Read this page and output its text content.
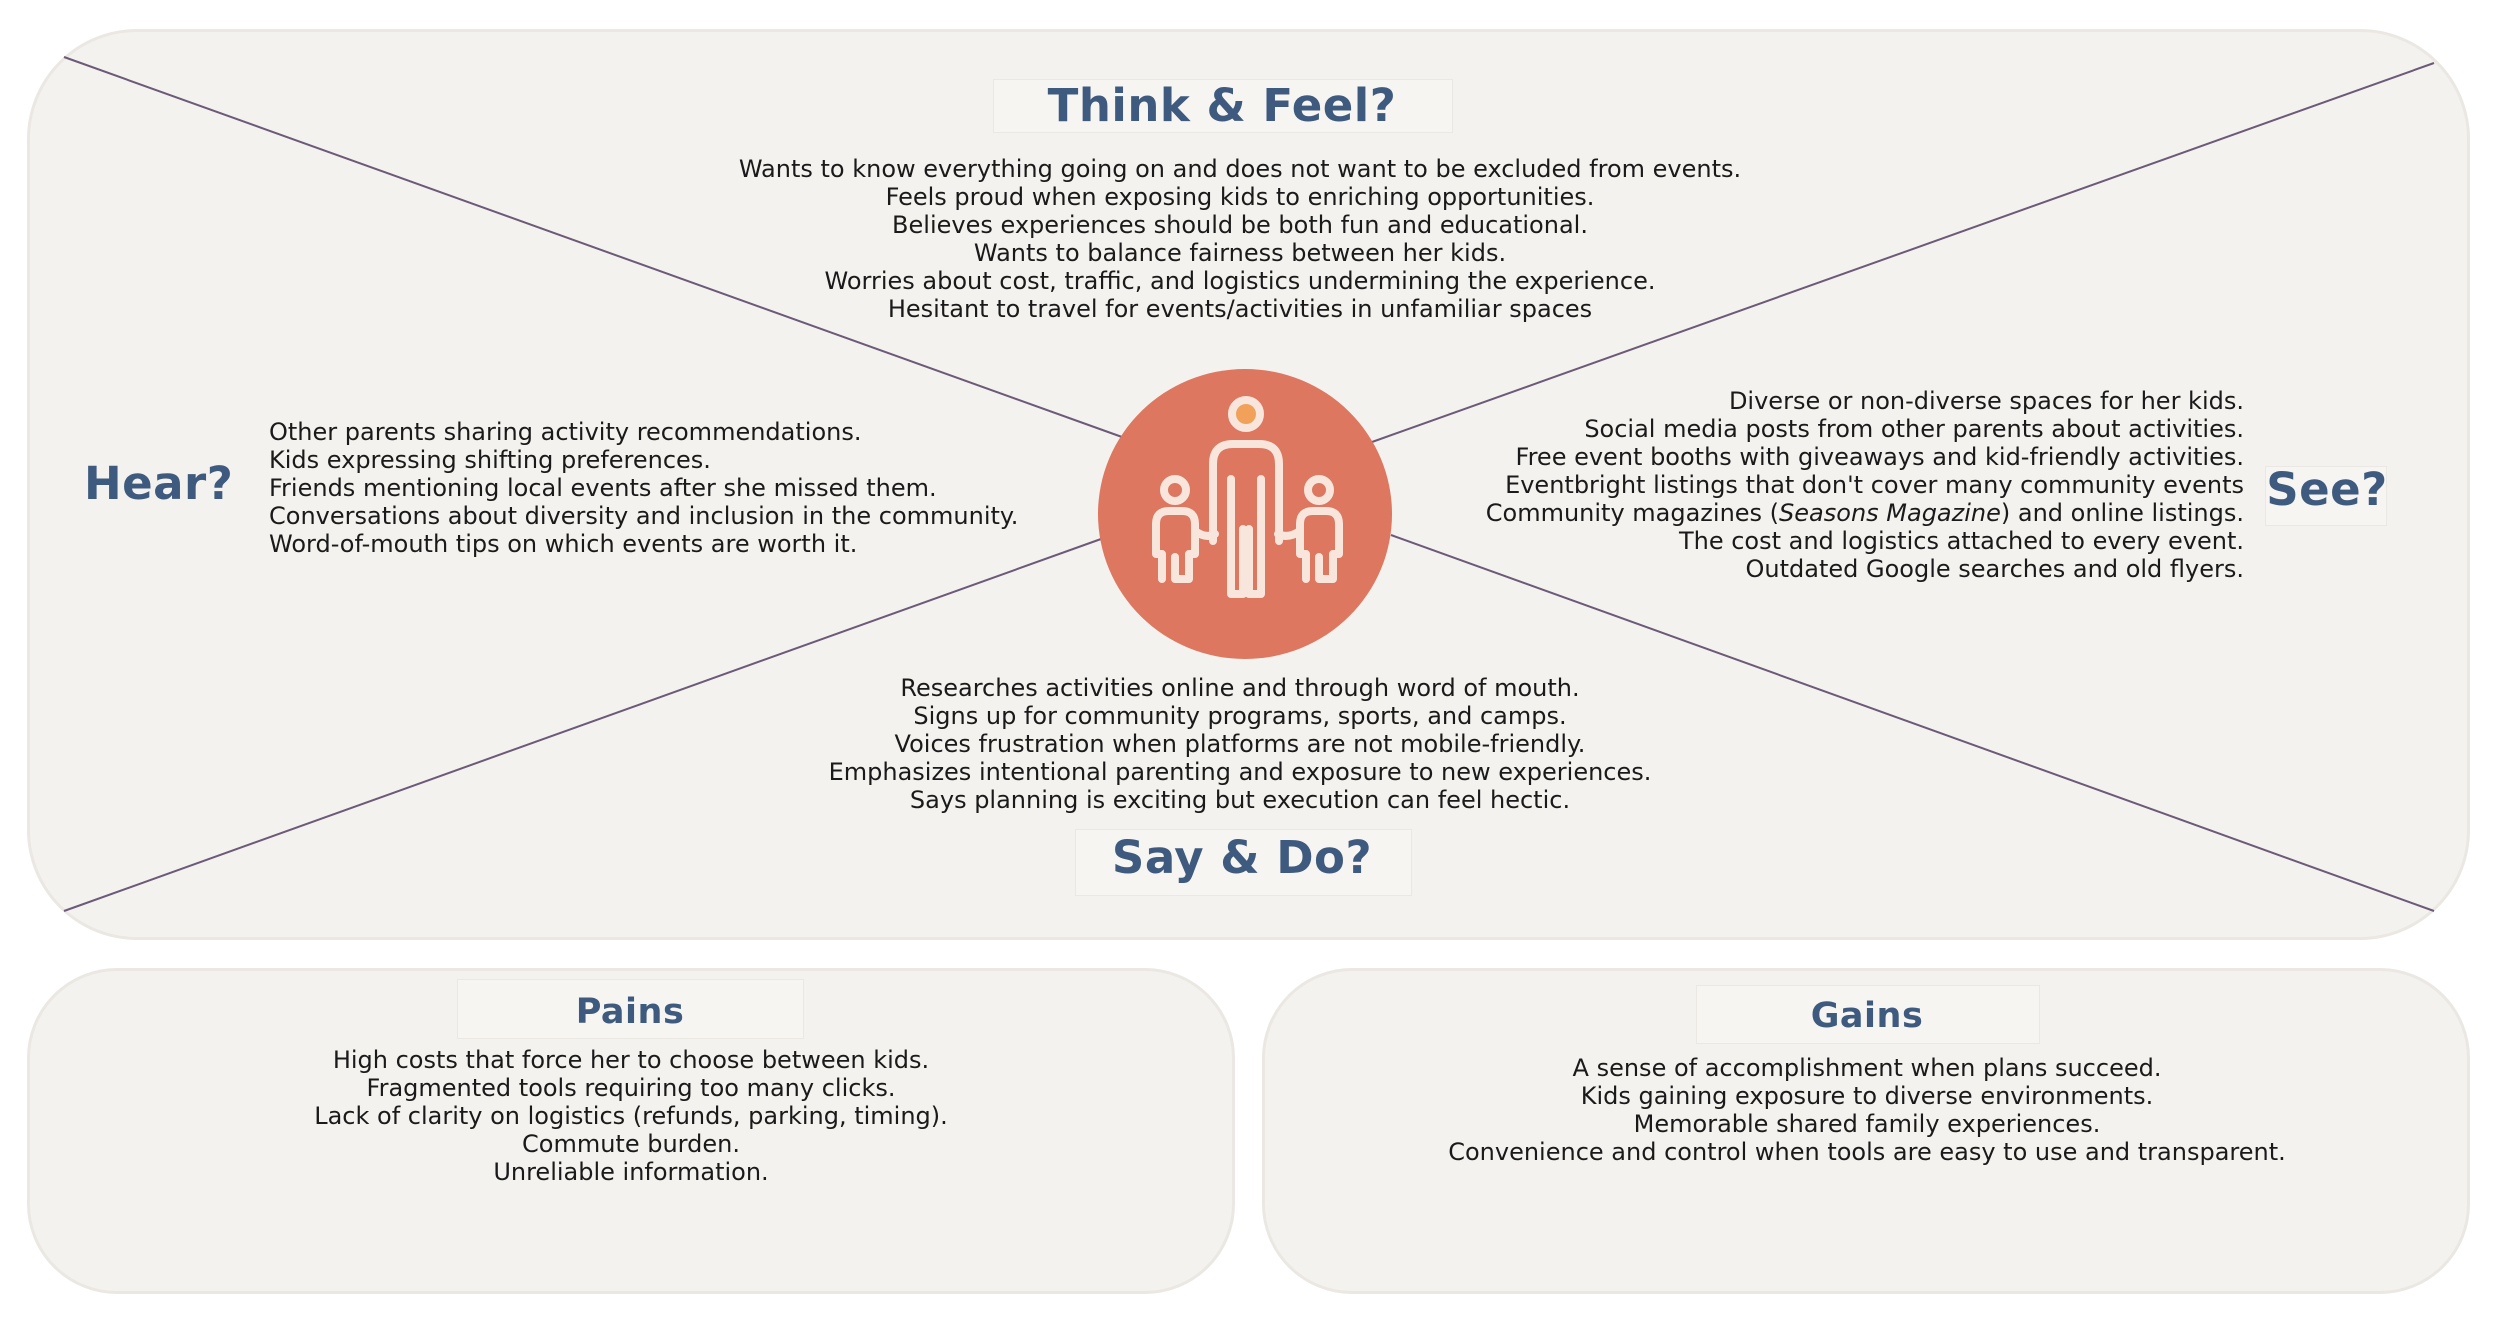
Think & Feel?
Wants to know everything going on and does not want to be excluded from events.
Feels proud when exposing kids to enriching opportunities.
Believes experiences should be both fun and educational.
Wants to balance fairness between her kids.
Worries about cost, traffic, and logistics undermining the experience.
Hesitant to travel for events/activities in unfamiliar spaces
Hear?
Other parents sharing activity recommendations.
Kids expressing shifting preferences.
Friends mentioning local events after she missed them.
Conversations about diversity and inclusion in the community.
Word-of-mouth tips on which events are worth it.
See?
Diverse or non-diverse spaces for her kids.
Social media posts from other parents about activities.
Free event booths with giveaways and kid-friendly activities.
Eventbright listings that don't cover many community events
Community magazines (Seasons Magazine) and online listings.
The cost and logistics attached to every event.
Outdated Google searches and old flyers.
Researches activities online and through word of mouth.
Signs up for community programs, sports, and camps.
Voices frustration when platforms are not mobile-friendly.
Emphasizes intentional parenting and exposure to new experiences.
Says planning is exciting but execution can feel hectic.
Say & Do?
Pains
High costs that force her to choose between kids.
Fragmented tools requiring too many clicks.
Lack of clarity on logistics (refunds, parking, timing).
Commute burden.
Unreliable information.
Gains
A sense of accomplishment when plans succeed.
Kids gaining exposure to diverse environments.
Memorable shared family experiences.
Convenience and control when tools are easy to use and transparent.
